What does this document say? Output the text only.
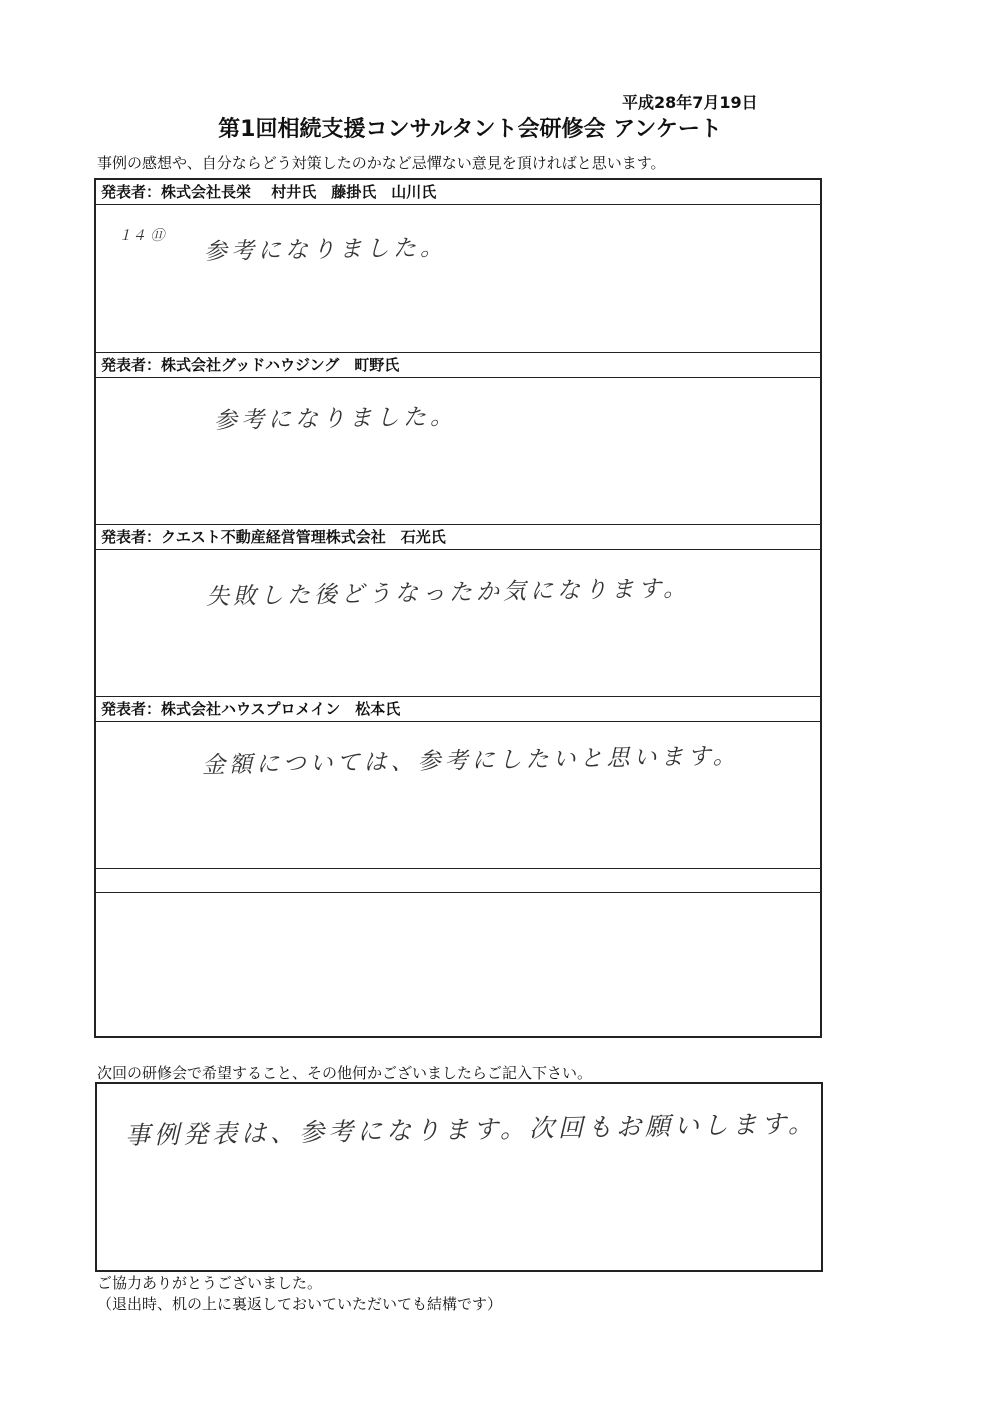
平成28年7月19日
第1回相続支援コンサルタント会研修会 アンケート
事例の感想や、自分ならどう対策したのかなど忌憚ない意見を頂ければと思います。
発表者：株式会社長栄　 村井氏　藤掛氏　山川氏
１４ ⑪ 参考になりました。
発表者：株式会社グッドハウジング　町野氏
参考になりました。
発表者：クエスト不動産経営管理株式会社　石光氏
失敗した後どうなったか気になります。
発表者：株式会社ハウスプロメイン　松本氏
金額については、参考にしたいと思います。
次回の研修会で希望すること、その他何かございましたらご記入下さい。
事例発表は、参考になります。次回もお願いします。
ご協力ありがとうございました。
（退出時、机の上に裏返しておいていただいても結構です）
